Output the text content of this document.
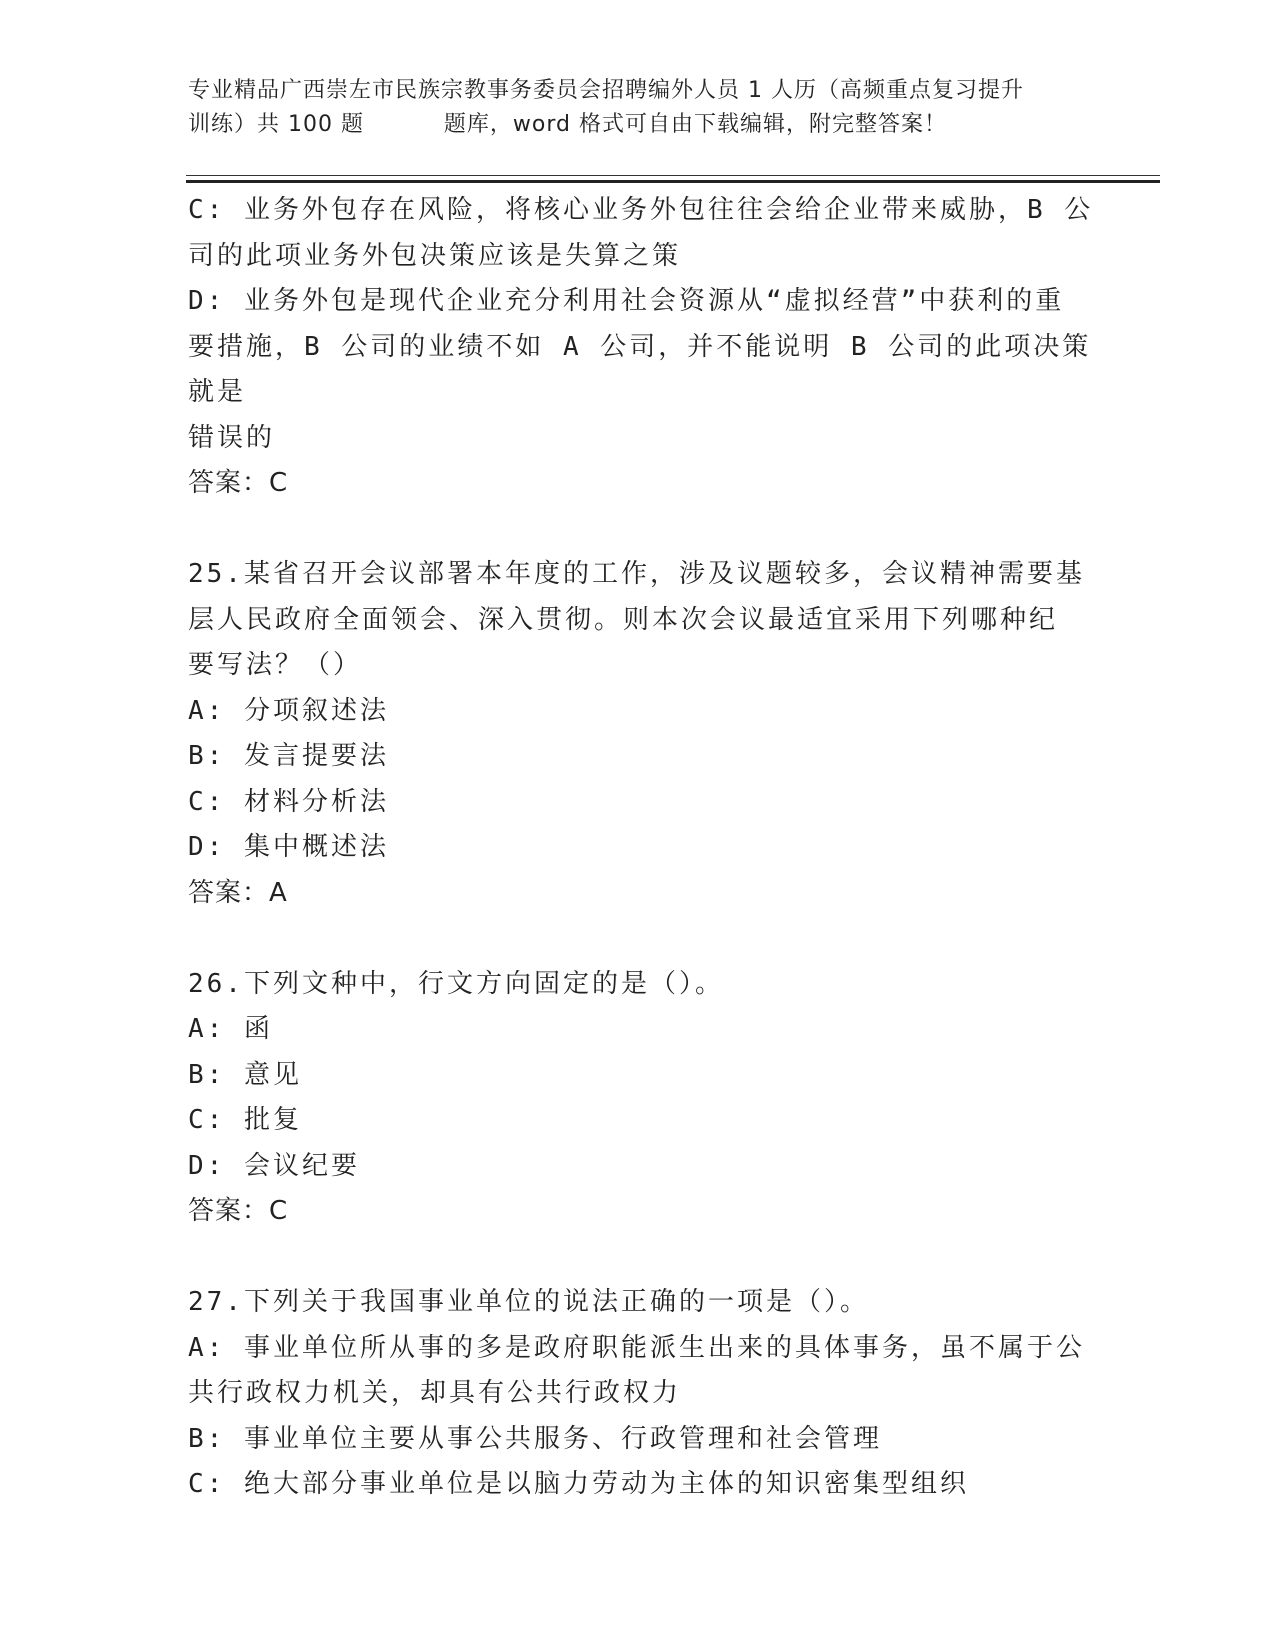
专业精品广西崇左市民族宗教事务委员会招聘编外人员 1 人历（高频重点复习提升
训练）共 100 题          题库，word 格式可自由下载编辑，附完整答案！
C: 业务外包存在风险，将核心业务外包往往会给企业带来威胁，B 公
司的此项业务外包决策应该是失算之策
D: 业务外包是现代企业充分利用社会资源从“虚拟经营”中获利的重
要措施，B 公司的业绩不如 A 公司，并不能说明 B 公司的此项决策就是
错误的
答案：C
25.某省召开会议部署本年度的工作，涉及议题较多，会议精神需要基
层人民政府全面领会、深入贯彻。则本次会议最适宜采用下列哪种纪
要写法？（）
A: 分项叙述法
B: 发言提要法
C: 材料分析法
D: 集中概述法
答案：A
26.下列文种中，行文方向固定的是（）。
A: 函
B: 意见
C: 批复
D: 会议纪要
答案：C
27.下列关于我国事业单位的说法正确的一项是（）。
A: 事业单位所从事的多是政府职能派生出来的具体事务，虽不属于公
共行政权力机关，却具有公共行政权力
B: 事业单位主要从事公共服务、行政管理和社会管理
C: 绝大部分事业单位是以脑力劳动为主体的知识密集型组织
